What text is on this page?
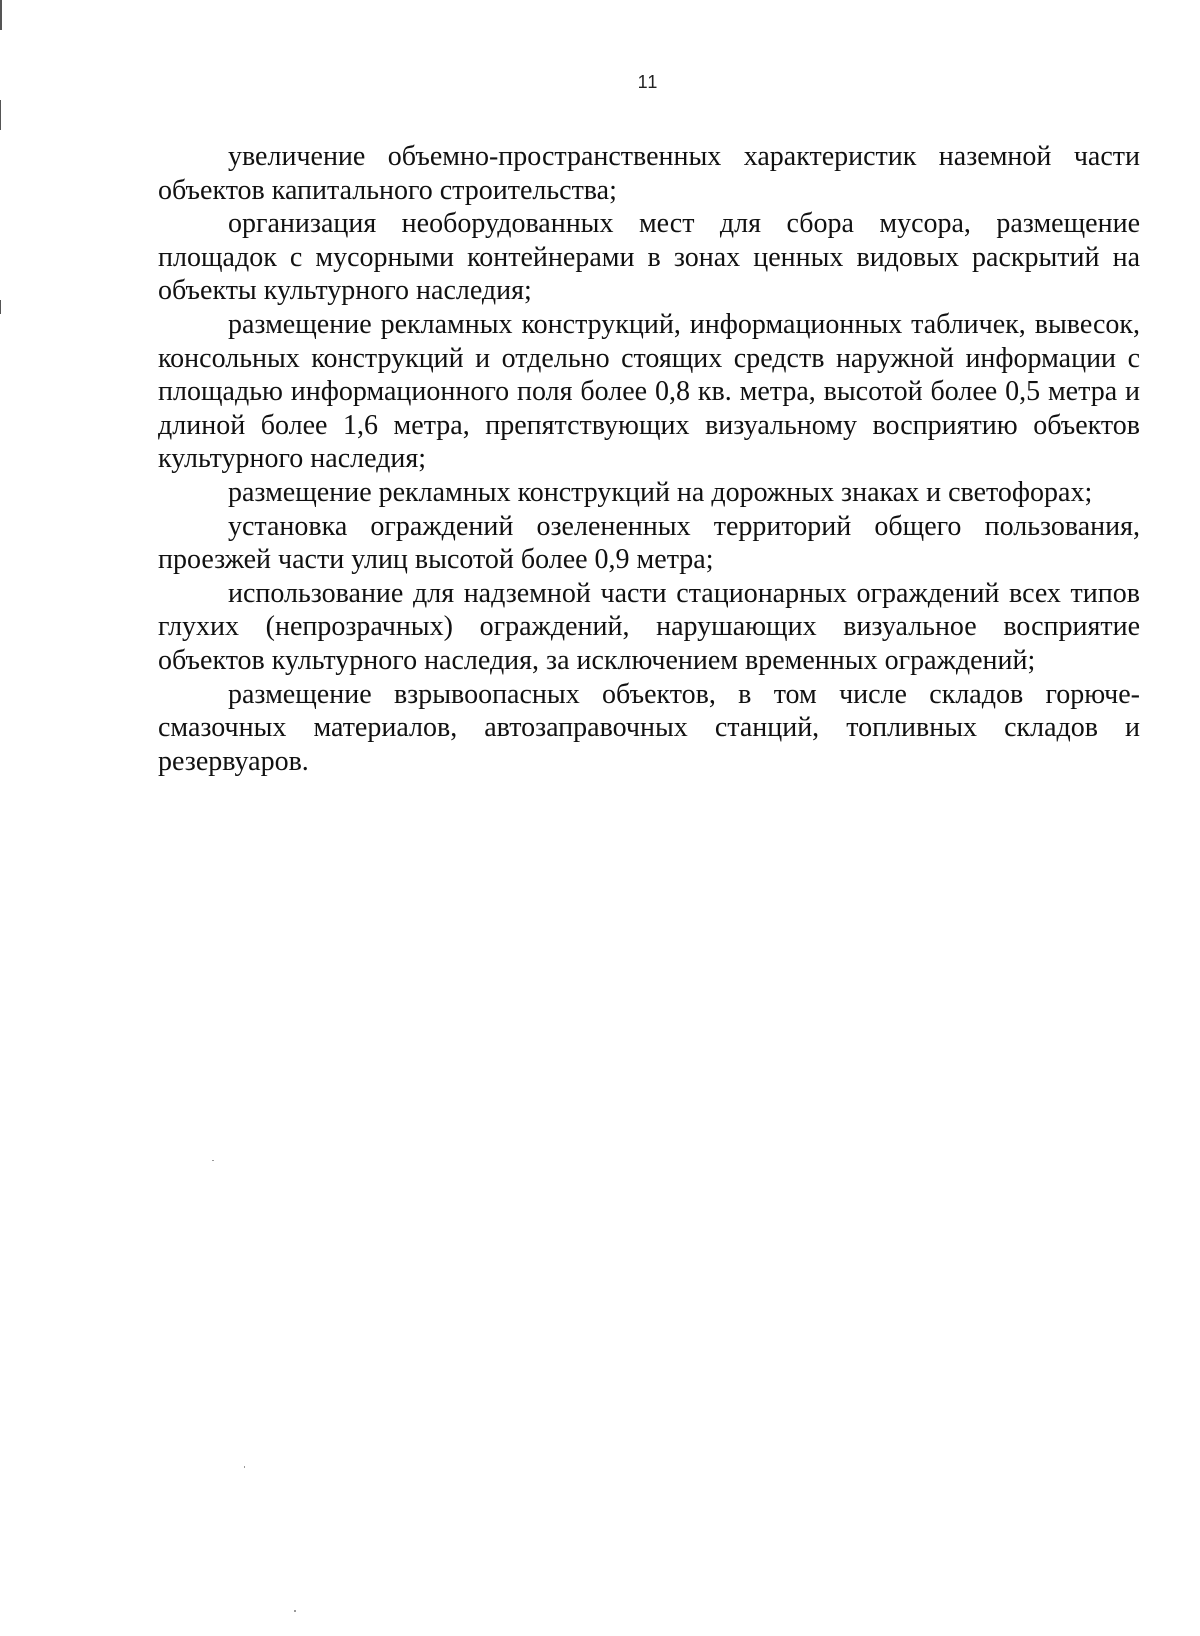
11

увеличение объемно-пространственных характеристик наземной части объектов капитального строительства;

организация необорудованных мест для сбора мусора, размещение площадок с мусорными контейнерами в зонах ценных видовых раскрытий на объекты культурного наследия;

размещение рекламных конструкций, информационных табличек, вывесок, консольных конструкций и отдельно стоящих средств наружной информации с площадью информационного поля более 0,8 кв. метра, высотой более 0,5 метра и длиной более 1,6 метра, препятствующих визуальному восприятию объектов культурного наследия;

размещение рекламных конструкций на дорожных знаках и светофорах;

установка ограждений озелененных территорий общего пользования, проезжей части улиц высотой более 0,9 метра;

использование для надземной части стационарных ограждений всех типов глухих (непрозрачных) ограждений, нарушающих визуальное восприятие объектов культурного наследия, за исключением временных ограждений;

размещение взрывоопасных объектов, в том числе складов горюче-смазочных материалов, автозаправочных станций, топливных складов и резервуаров.
